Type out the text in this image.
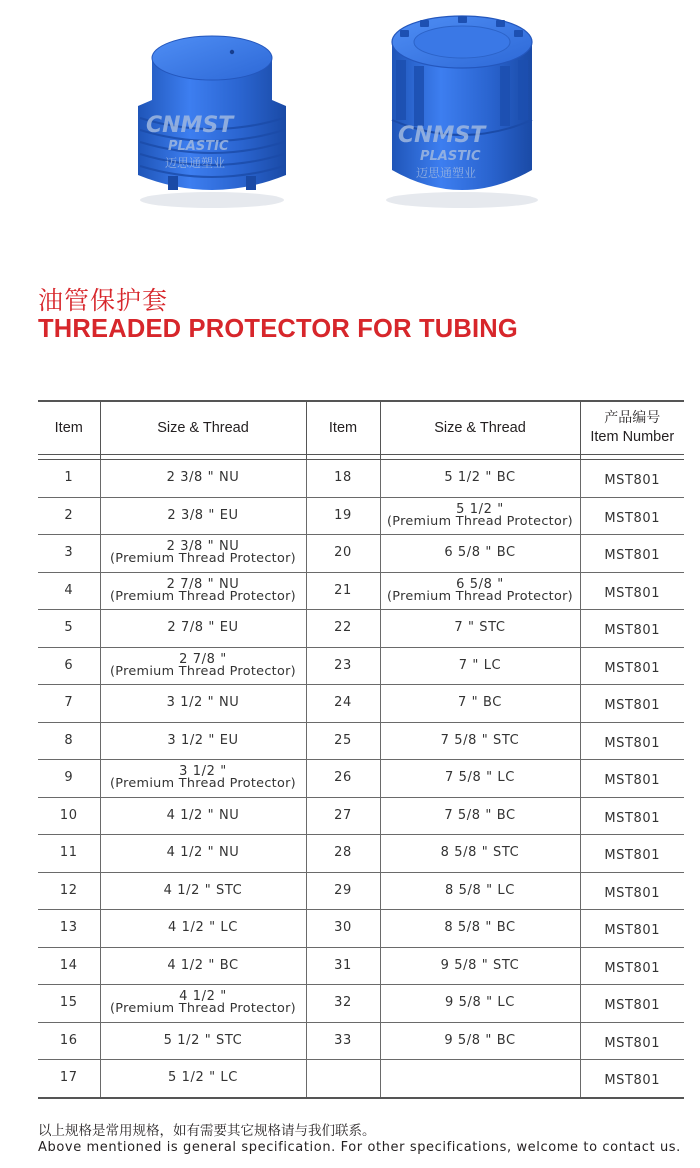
CNMST
PLASTIC
迈思通塑业
CNMST
PLASTIC
迈思通塑业
油管保护套
THREADED PROTECTOR FOR TUBING
Item	Size & Thread	Item	Size & Thread	产品编号
Item Number

1	2 3/8 " NU	18	5 1/2 " BC	MST801

2	2 3/8 " EU	19	5 1/2 "
(Premium Thread Protector)	MST801

3	2 3/8 " NU
(Premium Thread Protector)	20	6 5/8 " BC	MST801

4	2 7/8 " NU
(Premium Thread Protector)	21	6 5/8 "
(Premium Thread Protector)	MST801

5	2 7/8 " EU	22	7 " STC	MST801

6	2 7/8 "
(Premium Thread Protector)	23	7 " LC	MST801

7	3 1/2 " NU	24	7 " BC	MST801

8	3 1/2 " EU	25	7 5/8 " STC	MST801

9	3 1/2 "
(Premium Thread Protector)	26	7 5/8 " LC	MST801

10	4 1/2 " NU	27	7 5/8 " BC	MST801

11	4 1/2 " NU	28	8 5/8 " STC	MST801

12	4 1/2 " STC	29	8 5/8 " LC	MST801

13	4 1/2 " LC	30	8 5/8 " BC	MST801

14	4 1/2 " BC	31	9 5/8 " STC	MST801

15	4 1/2 "
(Premium Thread Protector)	32	9 5/8 " LC	MST801

16	5 1/2 " STC	33	9 5/8 " BC	MST801

17	5 1/2 " LC			MST801
以上规格是常用规格，如有需要其它规格请与我们联系。
Above mentioned is general specification. For other specifications, welcome to contact us.
